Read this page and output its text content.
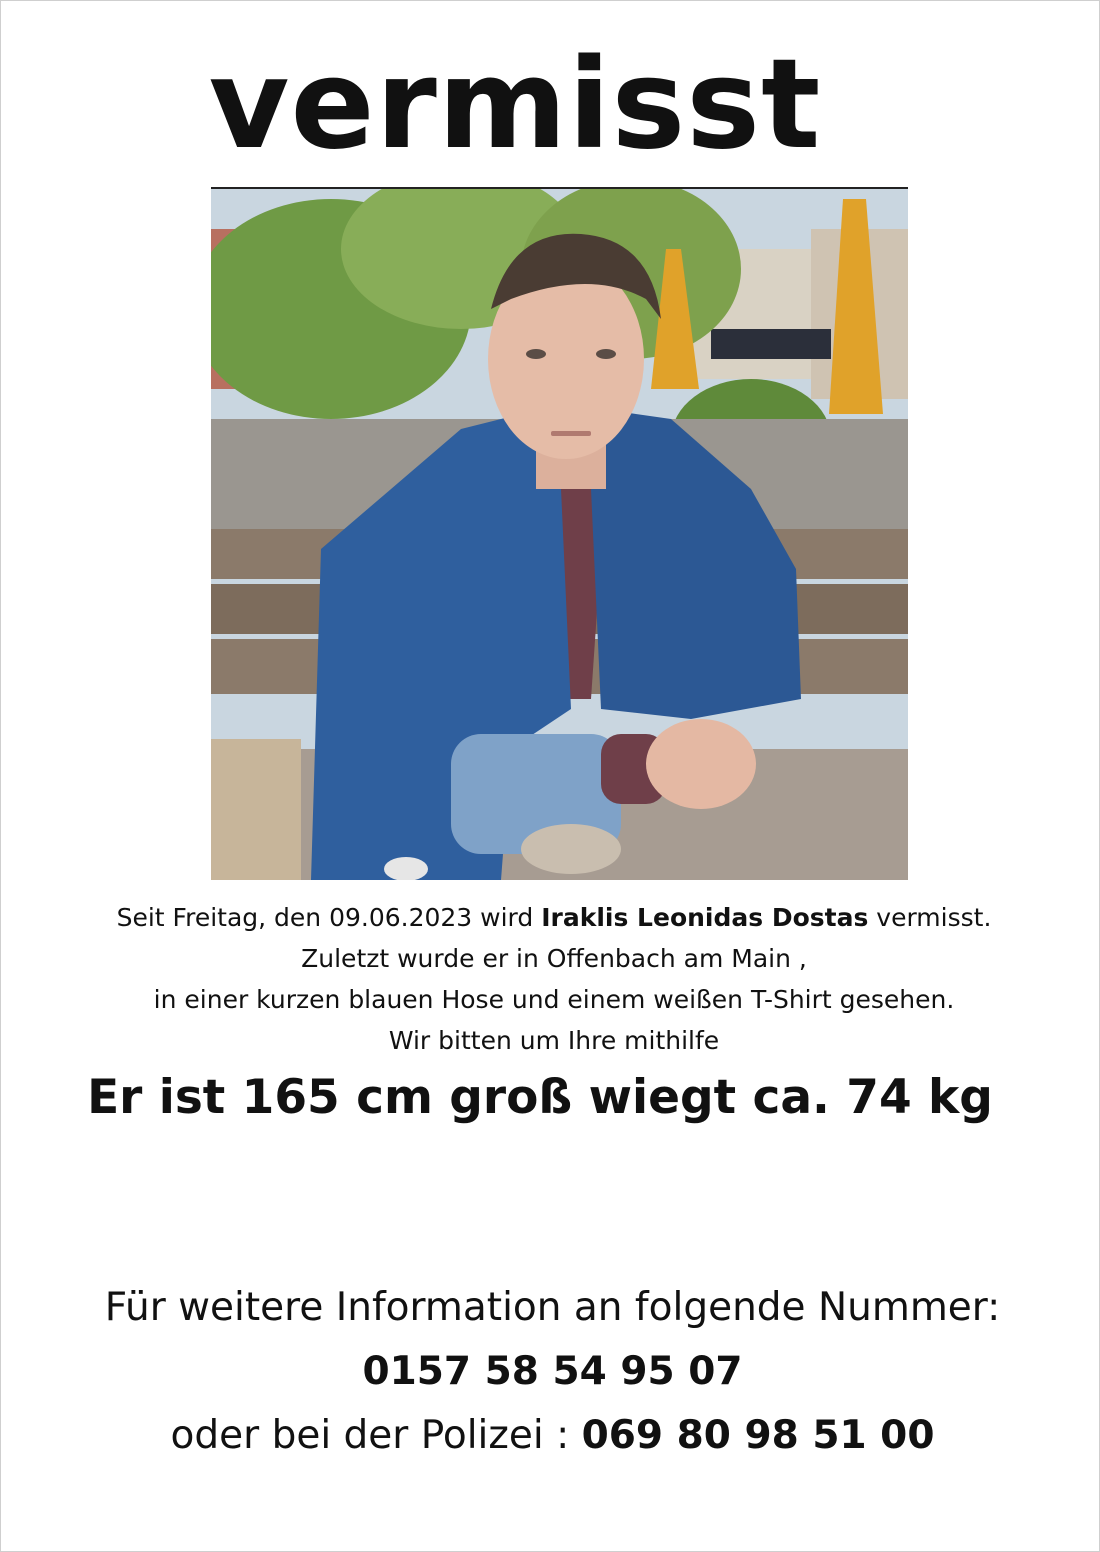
vermisst
Seit Freitag, den 09.06.2023 wird Iraklis Leonidas Dostas vermisst.
Zuletzt wurde er in Offenbach am Main ,
in einer kurzen blauen Hose und einem weißen T-Shirt gesehen.
Wir bitten um Ihre mithilfe
Er ist 165 cm groß wiegt ca. 74 kg
Für weitere Information an folgende Nummer:
0157 58 54 95 07
oder bei der Polizei : 069 80 98 51 00
